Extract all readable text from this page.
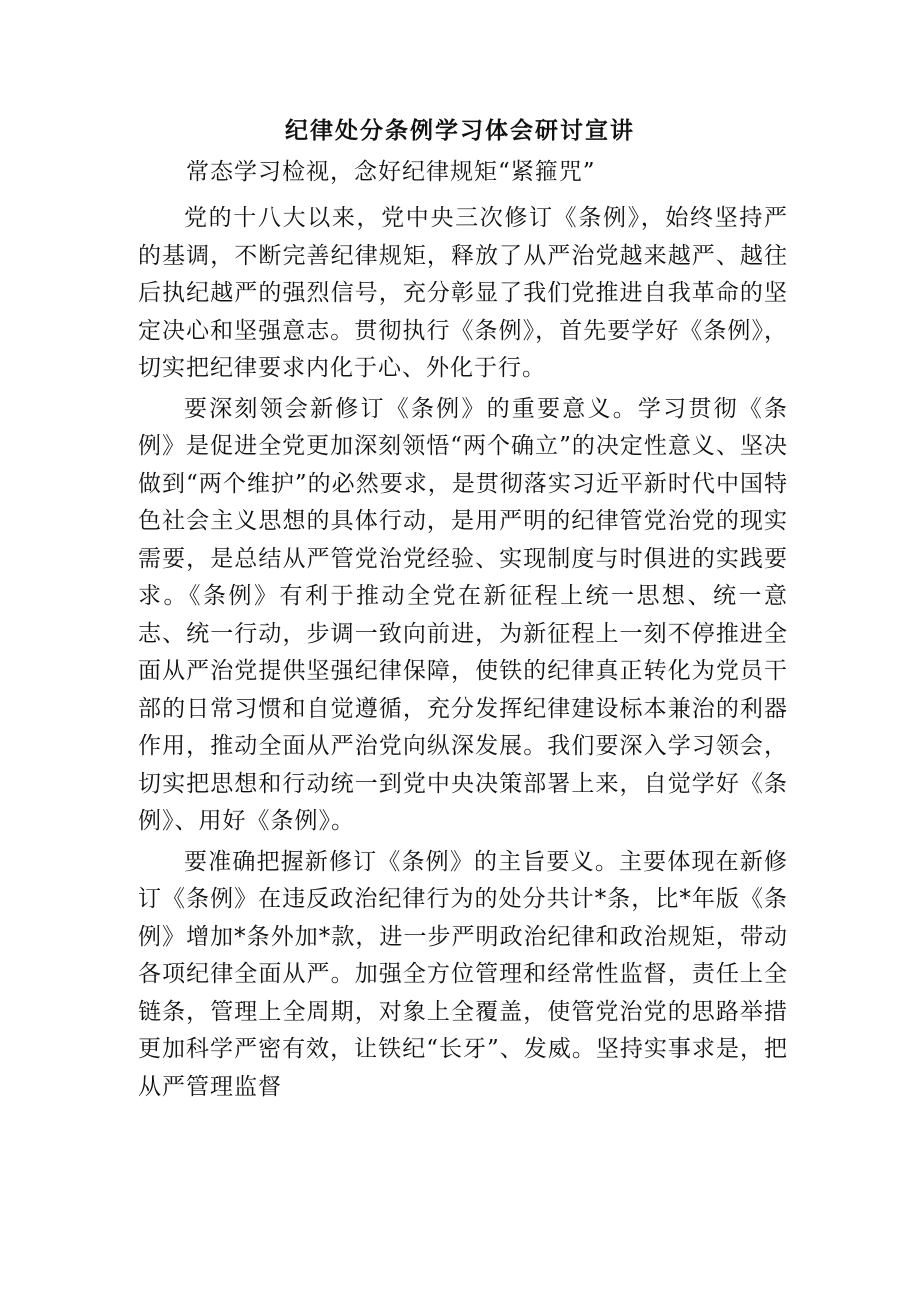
纪律处分条例学习体会研讨宣讲

常态学习检视，念好纪律规矩“紧箍咒”

党的十八大以来，党中央三次修订《条例》，始终坚持严的基调，不断完善纪律规矩，释放了从严治党越来越严、越往后执纪越严的强烈信号，充分彰显了我们党推进自我革命的坚定决心和坚强意志。贯彻执行《条例》，首先要学好《条例》，切实把纪律要求内化于心、外化于行。

要深刻领会新修订《条例》的重要意义。学习贯彻《条例》是促进全党更加深刻领悟“两个确立”的决定性意义、坚决做到“两个维护”的必然要求，是贯彻落实习近平新时代中国特色社会主义思想的具体行动，是用严明的纪律管党治党的现实需要，是总结从严管党治党经验、实现制度与时俱进的实践要求。《条例》有利于推动全党在新征程上统一思想、统一意志、统一行动，步调一致向前进，为新征程上一刻不停推进全面从严治党提供坚强纪律保障，使铁的纪律真正转化为党员干部的日常习惯和自觉遵循，充分发挥纪律建设标本兼治的利器作用，推动全面从严治党向纵深发展。我们要深入学习领会，切实把思想和行动统一到党中央决策部署上来，自觉学好《条例》、用好《条例》。

要准确把握新修订《条例》的主旨要义。主要体现在新修订《条例》在违反政治纪律行为的处分共计*条，比*年版《条例》增加*条外加*款，进一步严明政治纪律和政治规矩，带动各项纪律全面从严。加强全方位管理和经常性监督，责任上全链条，管理上全周期，对象上全覆盖，使管党治党的思路举措更加科学严密有效，让铁纪“长牙”、发威。坚持实事求是，把从严管理监督
